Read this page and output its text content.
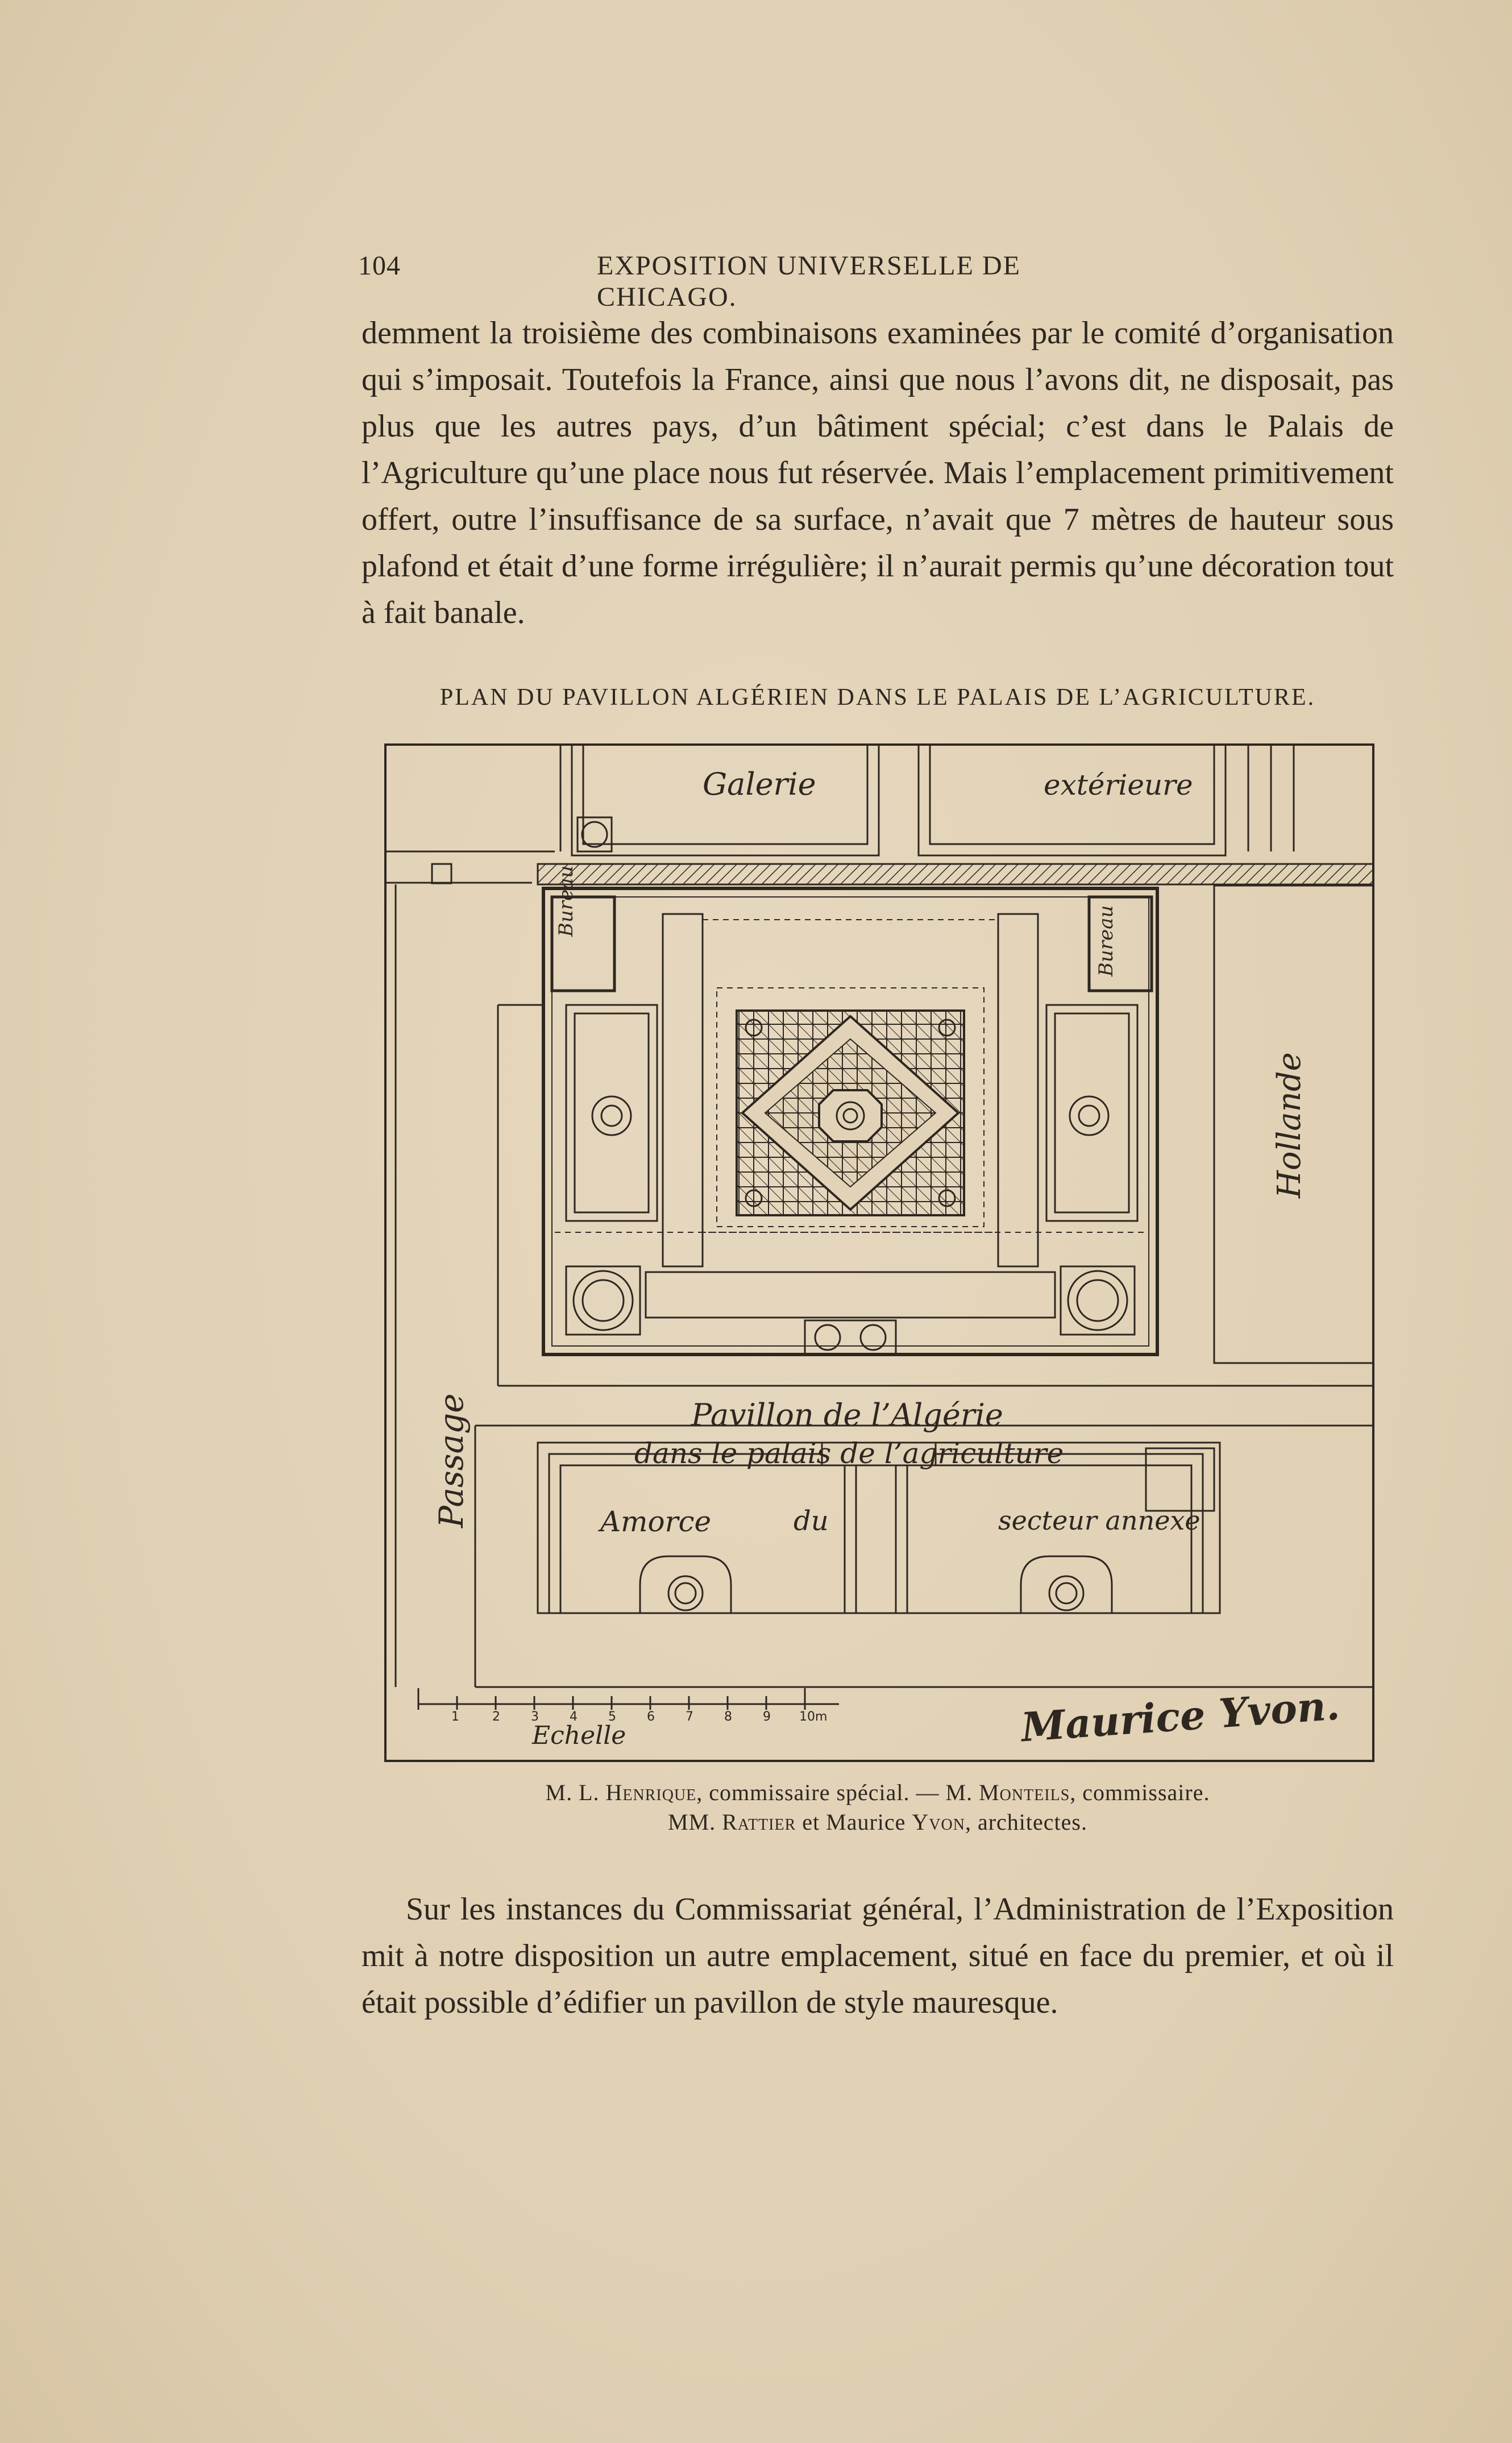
104	EXPOSITION UNIVERSELLE DE CHICAGO.

demment la troisième des combinaisons examinées par le comité d’organisation qui s’imposait. Toutefois la France, ainsi que nous l’avons dit, ne disposait, pas plus que les autres pays, d’un bâtiment spécial; c’est dans le Palais de l’Agriculture qu’une place nous fut réservée. Mais l’emplacement primitivement offert, outre l’insuffisance de sa surface, n’avait que 7 mètres de hauteur sous plafond et était d’une forme irrégulière; il n’aurait permis qu’une décoration tout à fait banale.

PLAN DU PAVILLON ALGÉRIEN DANS LE PALAIS DE L’AGRICULTURE.
Galerie	extérieure
Bureau
Bureau
Hollande
Passage	Pavillon de l’Algérie
dans le palais de l’agriculture
Amorce	du	secteur annexe
Echelle
1	2 3 4 5 6 7 8 9 10m	Maurice Yvon.
M. L. Henrique, commissaire spécial. — M. Monteils, commissaire.
MM. Rattier et Maurice Yvon, architectes.

Sur les instances du Commissariat général, l’Administration de l’Exposition mit à notre disposition un autre emplacement, situé en face du premier, et où il était possible d’édifier un pavillon de style mauresque.
